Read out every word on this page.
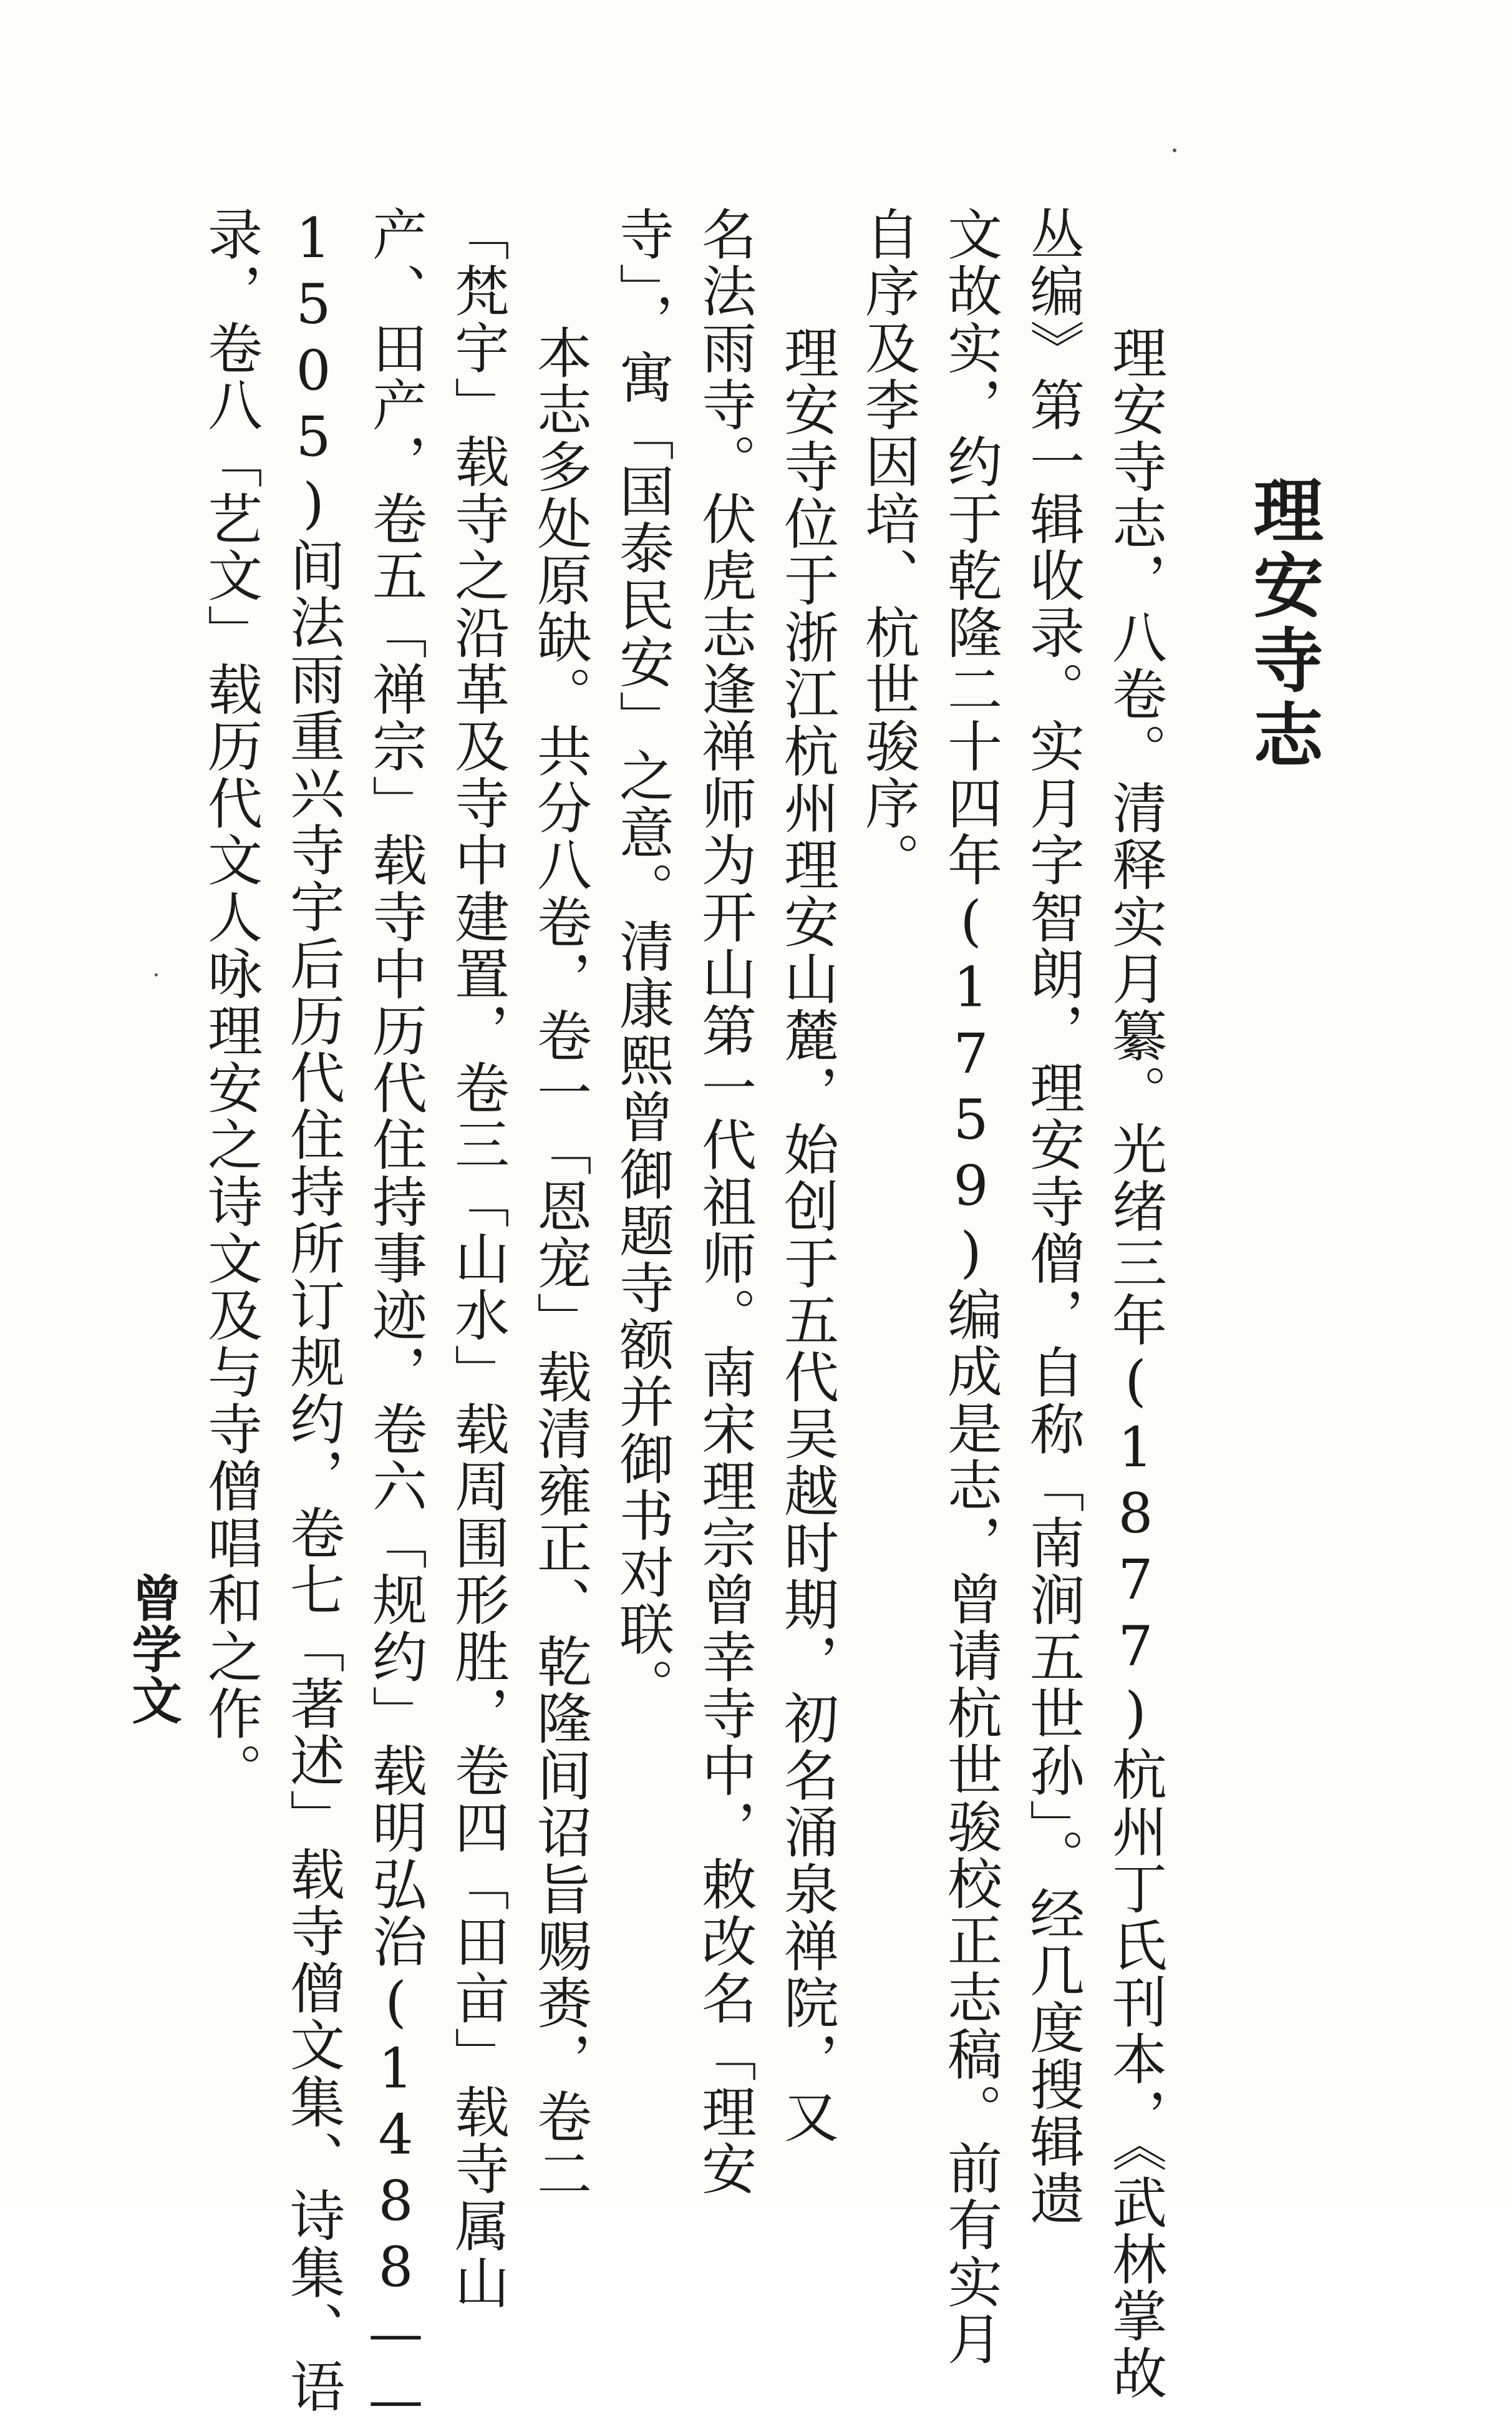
理安寺志
理安寺志，八卷。清释实月纂。光绪三年(1877)杭州丁氏刊本，《武林掌故
丛编》第一辑收录。实月字智朗，理安寺僧，自称「南涧五世孙」。经几度搜辑遗
文故实，约于乾隆二十四年(1759)编成是志，曾请杭世骏校正志稿。前有实月
自序及李因培、杭世骏序。
理安寺位于浙江杭州理安山麓，始创于五代吴越时期，初名涌泉禅院，又
名法雨寺。伏虎志逢禅师为开山第一代祖师。南宋理宗曾幸寺中，敕改名「理安
寺」，寓「国泰民安」之意。清康熙曾御题寺额并御书对联。
本志多处原缺。共分八卷，卷一「恩宠」载清雍正、乾隆间诏旨赐赉，卷二
「梵宇」载寺之沿革及寺中建置，卷三「山水」载周围形胜，卷四「田亩」载寺属山
产、田产，卷五「禅宗」载寺中历代住持事迹，卷六「规约」载明弘治(1488——
1505)间法雨重兴寺宇后历代住持所订规约，卷七「著述」载寺僧文集、诗集、语
录，卷八「艺文」载历代文人咏理安之诗文及与寺僧唱和之作。
曾学文
